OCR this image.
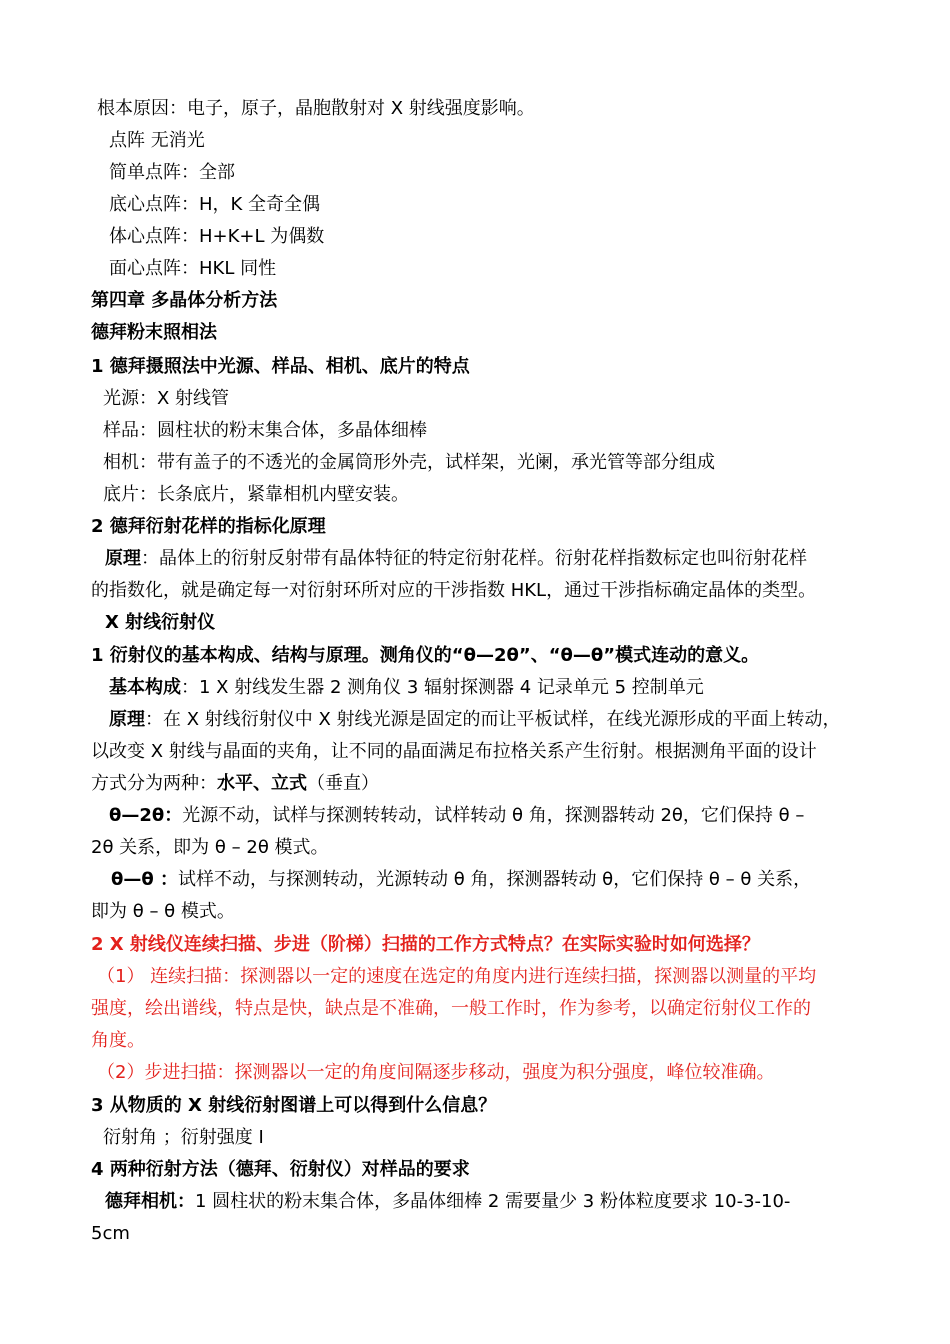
根本原因：电子，原子，晶胞散射对 X 射线强度影响。
点阵 无消光
简单点阵：全部
底心点阵：H，K 全奇全偶
体心点阵：H+K+L 为偶数
面心点阵：HKL 同性
第四章 多晶体分析方法
德拜粉末照相法
1 德拜摄照法中光源、样品、相机、底片的特点
光源：X 射线管
样品：圆柱状的粉末集合体，多晶体细棒
相机：带有盖子的不透光的金属筒形外壳，试样架，光阑，承光管等部分组成
底片：长条底片，紧靠相机内壁安装。
2 德拜衍射花样的指标化原理
原理：晶体上的衍射反射带有晶体特征的特定衍射花样。衍射花样指数标定也叫衍射花样
的指数化，就是确定每一对衍射环所对应的干涉指数 HKL，通过干涉指标确定晶体的类型。
X 射线衍射仪
1 衍射仪的基本构成、结构与原理。测角仪的“θ—2θ”、“θ—θ”模式连动的意义。
基本构成：1 X 射线发生器 2 测角仪 3 辐射探测器 4 记录单元 5 控制单元
原理：在 X 射线衍射仪中 X 射线光源是固定的而让平板试样，在线光源形成的平面上转动，
以改变 X 射线与晶面的夹角，让不同的晶面满足布拉格关系产生衍射。根据测角平面的设计
方式分为两种：水平、立式（垂直）
θ—2θ：光源不动，试样与探测转转动，试样转动 θ 角，探测器转动 2θ，它们保持 θ –
2θ 关系，即为 θ – 2θ 模式。
θ—θ ：试样不动，与探测转动，光源转动 θ 角，探测器转动 θ，它们保持 θ – θ 关系，
即为 θ – θ 模式。
2 X 射线仪连续扫描、步进（阶梯）扫描的工作方式特点？在实际实验时如何选择？
（1） 连续扫描：探测器以一定的速度在选定的角度内进行连续扫描，探测器以测量的平均
强度，绘出谱线，特点是快，缺点是不准确，一般工作时，作为参考，以确定衍射仪工作的
角度。
（2）步进扫描：探测器以一定的角度间隔逐步移动，强度为积分强度，峰位较准确。
3 从物质的 X 射线衍射图谱上可以得到什么信息？
衍射角 ；衍射强度 I
4 两种衍射方法（德拜、衍射仪）对样品的要求
德拜相机：1 圆柱状的粉末集合体，多晶体细棒 2 需要量少 3 粉体粒度要求 10-3-10-
5cm
